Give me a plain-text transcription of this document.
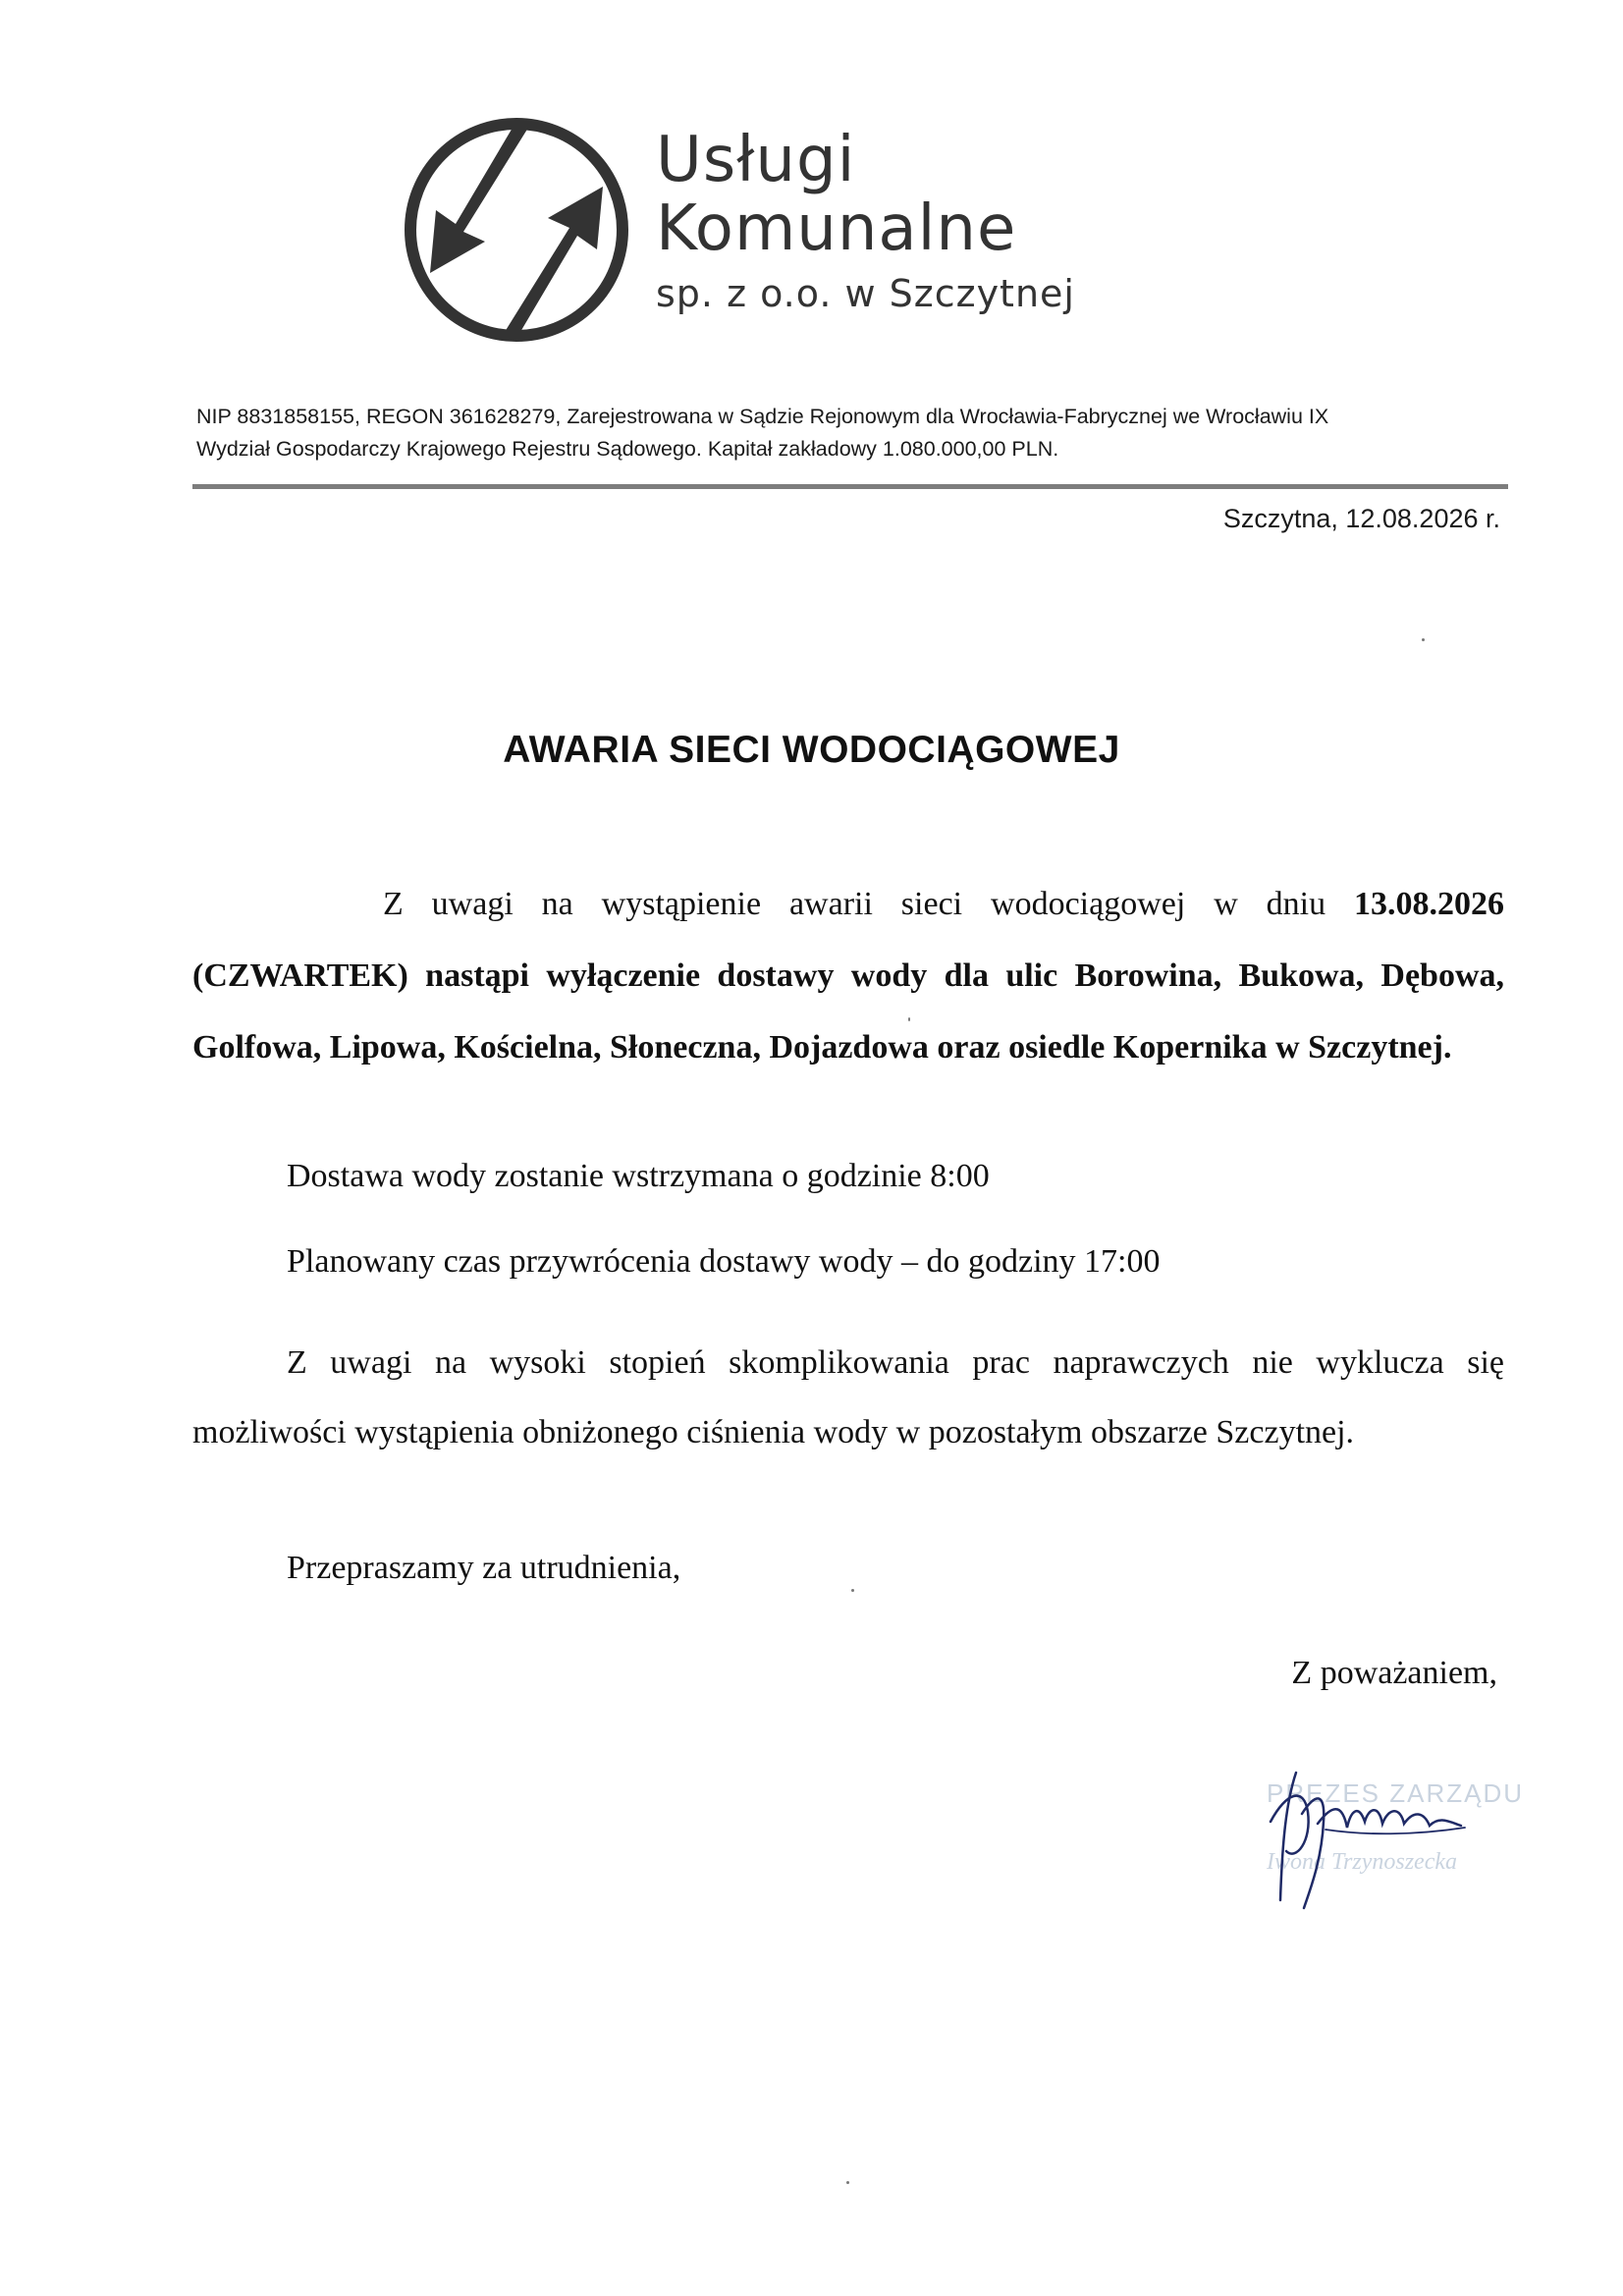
Usługi
Komunalne
sp. z o.o. w Szczytnej
NIP 8831858155, REGON 361628279, Zarejestrowana w Sądzie Rejonowym dla Wrocławia-Fabrycznej we Wrocławiu IX
Wydział Gospodarczy Krajowego Rejestru Sądowego. Kapitał zakładowy 1.080.000,00 PLN.
Szczytna, 12.08.2026 r.
AWARIA SIECI WODOCIĄGOWEJ
Z uwagi na wystąpienie awarii sieci wodociągowej w dniu 13.08.2026 (CZWARTEK) nastąpi wyłączenie dostawy wody dla ulic Borowina, Bukowa, Dębowa, Golfowa, Lipowa, Kościelna, Słoneczna, Dojazdowa oraz osiedle Kopernika w Szczytnej.
Dostawa wody zostanie wstrzymana o godzinie 8:00
Planowany czas przywrócenia dostawy wody – do godziny 17:00
Z uwagi na wysoki stopień skomplikowania prac naprawczych nie wyklucza się możliwości wystąpienia obniżonego ciśnienia wody w pozostałym obszarze Szczytnej.
Przepraszamy za utrudnienia,
Z poważaniem,
PREZES ZARZĄDU
Iwona Trzynoszecka
